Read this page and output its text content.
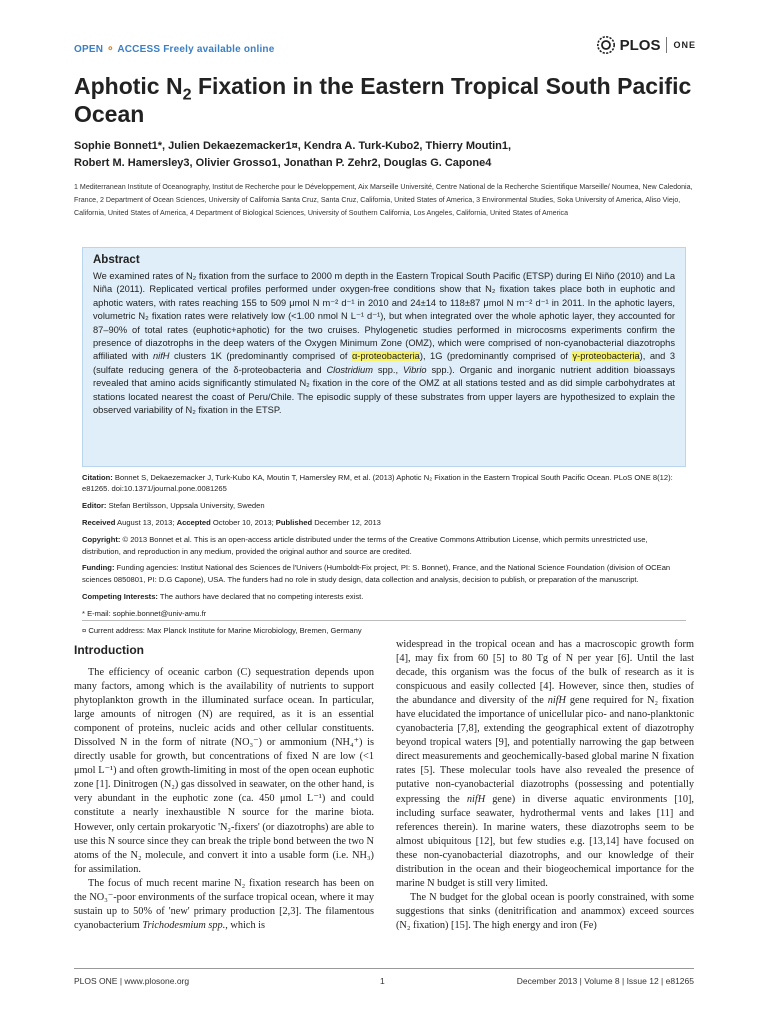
OPEN ⚬ ACCESS Freely available online	PLOS ONE
Aphotic $N_2$ Fixation in the Eastern Tropical South Pacific Ocean
Sophie Bonnet1*, Julien Dekaezemacker1¤, Kendra A. Turk-Kubo2, Thierry Moutin1,
Robert M. Hamersley3, Olivier Grosso1, Jonathan P. Zehr2, Douglas G. Capone4
1 Mediterranean Institute of Oceanography, Institut de Recherche pour le Développement, Aix Marseille Université, Centre National de la Recherche Scientifique Marseille/ Noumea, New Caledonia, France, 2 Department of Ocean Sciences, University of California Santa Cruz, Santa Cruz, California, United States of America, 3 Environmental Studies, Soka University of America, Aliso Viejo, California, United States of America, 4 Department of Biological Sciences, University of Southern California, Los Angeles, California, United States of America
Abstract
We examined rates of N₂ fixation from the surface to 2000 m depth in the Eastern Tropical South Pacific (ETSP) during El Niño (2010) and La Niña (2011). Replicated vertical profiles performed under oxygen-free conditions show that N₂ fixation takes place both in euphotic and aphotic waters, with rates reaching 155 to 509 μmol N m⁻² d⁻¹ in 2010 and 24±14 to 118±87 μmol N m⁻² d⁻¹ in 2011. In the aphotic layers, volumetric N₂ fixation rates were relatively low (<1.00 nmol N L⁻¹ d⁻¹), but when integrated over the whole aphotic layer, they accounted for 87–90% of total rates (euphotic+aphotic) for the two cruises. Phylogenetic studies performed in microcosms experiments confirm the presence of diazotrophs in the deep waters of the Oxygen Minimum Zone (OMZ), which were comprised of non-cyanobacterial diazotrophs affiliated with nifH clusters 1K (predominantly comprised of α-proteobacteria), 1G (predominantly comprised of γ-proteobacteria), and 3 (sulfate reducing genera of the δ-proteobacteria and Clostridium spp., Vibrio spp.). Organic and inorganic nutrient addition bioassays revealed that amino acids significantly stimulated N₂ fixation in the core of the OMZ at all stations tested and as did simple carbohydrates at stations located nearest the coast of Peru/Chile. The episodic supply of these substrates from upper layers are hypothesized to explain the observed variability of N₂ fixation in the ETSP.

Citation: Bonnet S, Dekaezemacker J, Turk-Kubo KA, Moutin T, Hamersley RM, et al. (2013) Aphotic N₂ Fixation in the Eastern Tropical South Pacific Ocean. PLoS ONE 8(12): e81265. doi:10.1371/journal.pone.0081265

Editor: Stefan Bertilsson, Uppsala University, Sweden

Received August 13, 2013; Accepted October 10, 2013; Published December 12, 2013

Copyright: © 2013 Bonnet et al. This is an open-access article distributed under the terms of the Creative Commons Attribution License, which permits unrestricted use, distribution, and reproduction in any medium, provided the original author and source are credited.

Funding: Funding agencies: Institut National des Sciences de l'Univers (Humboldt-Fix project, PI: S. Bonnet), France, and the National Science Foundation (division of OCEan sciences 0850801, PI: D.G Capone), USA. The funders had no role in study design, data collection and analysis, decision to publish, or preparation of the manuscript.

Competing Interests: The authors have declared that no competing interests exist.

* E-mail: sophie.bonnet@univ-amu.fr

¤ Current address: Max Planck Institute for Marine Microbiology, Bremen, Germany

Introduction

The efficiency of oceanic carbon (C) sequestration depends upon many factors, among which is the availability of nutrients to support phytoplankton growth in the illuminated surface ocean. In particular, large amounts of nitrogen (N) are required, as it is an essential component of proteins, nucleic acids and other cellular constituents. Dissolved N in the form of nitrate (NO₃⁻) or ammonium (NH₄⁺) is directly usable for growth, but concentrations of fixed N are low (<1 μmol L⁻¹) and often growth-limiting in most of the open ocean euphotic zone [1]. Dinitrogen (N₂) gas dissolved in seawater, on the other hand, is very abundant in the euphotic zone (ca. 450 μmol L⁻¹) and could constitute a nearly inexhaustible N source for the marine biota. However, only certain prokaryotic 'N₂-fixers' (or diazotrophs) are able to use this N source since they can break the triple bond between the two N atoms of the N₂ molecule, and convert it into a usable form (i.e. NH₃) for assimilation.

The focus of much recent marine N₂ fixation research has been on the NO₃⁻-poor environments of the surface tropical ocean, where it may sustain up to 50% of 'new' primary production [2,3]. The filamentous cyanobacterium Trichodesmium spp., which is

widespread in the tropical ocean and has a macroscopic growth form [4], may fix from 60 [5] to 80 Tg of N per year [6]. Until the last decade, this organism was the focus of the bulk of research as it is conspicuous and easily collected [4]. However, since then, studies of the abundance and diversity of the nifH gene required for N₂ fixation have elucidated the importance of unicellular pico- and nano-planktonic cyanobacteria [7,8], extending the geographical extent of diazotrophy beyond tropical waters [9], and potentially narrowing the gap between direct measurements and geochemically-based global marine N fixation rates [5]. These molecular tools have also revealed the presence of putative non-cyanobacterial diazotrophs (possessing and potentially expressing the nifH gene) in diverse aquatic environments [10], including surface seawater, hydrothermal vents and lakes [11] and references therein). In marine waters, these diazotrophs seem to be almost ubiquitous [12], but few studies e.g. [13,14] have focused on these non-cyanobacterial diazotrophs, and our knowledge of their distribution in the ocean and their biogeochemical importance for the marine N budget is still very limited.

The N budget for the global ocean is poorly constrained, with some suggestions that sinks (denitrification and anammox) exceed sources (N₂ fixation) [15]. The high energy and iron (Fe)

PLOS ONE | www.plosone.org	1	December 2013 | Volume 8 | Issue 12 | e81265
